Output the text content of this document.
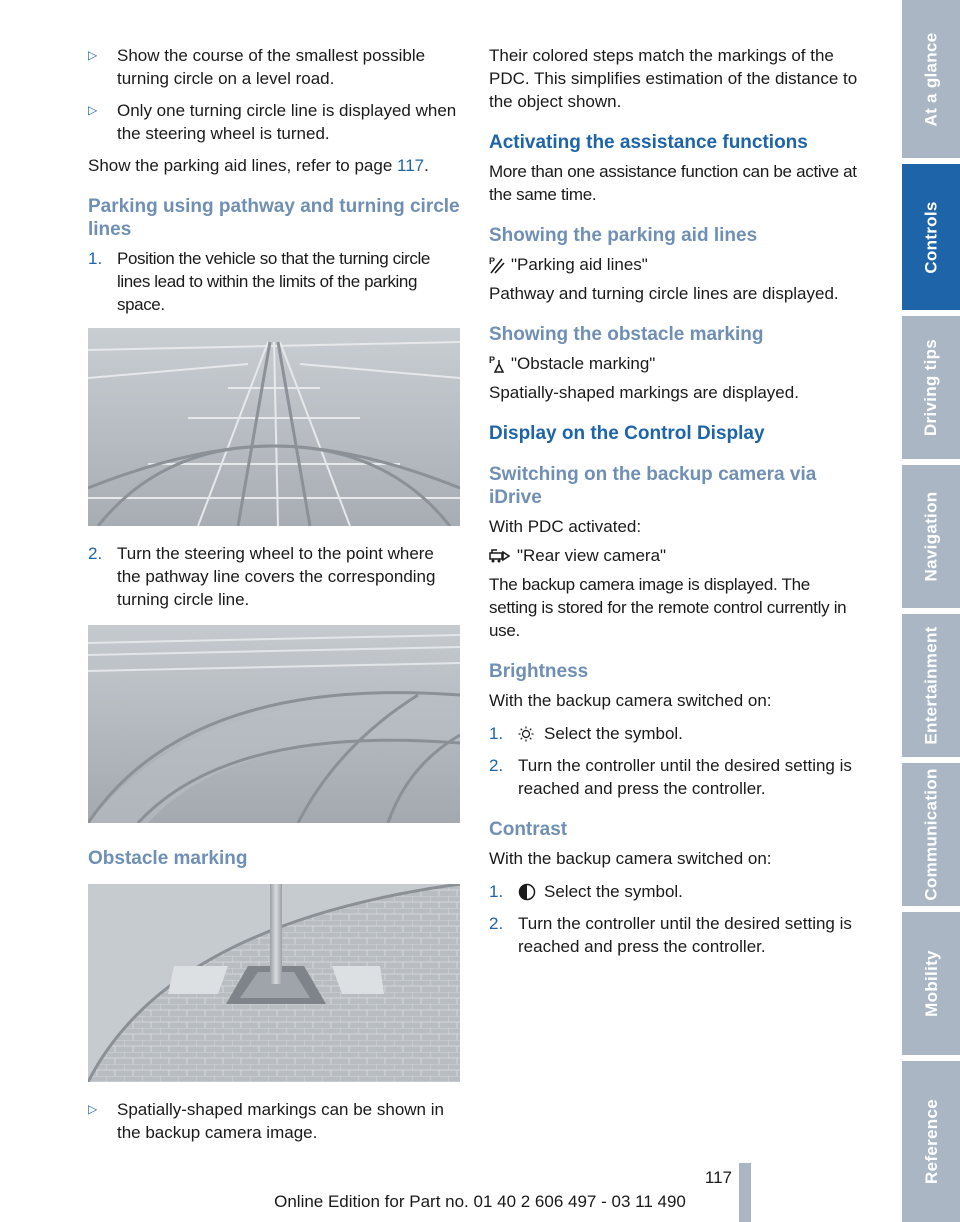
▷	Show the course of the smallest possible turning circle on a level road.
▷	Only one turning circle line is displayed when the steering wheel is turned.

Show the parking aid lines, refer to page 117.

Parking using pathway and turning circle lines
1. Position the vehicle so that the turning circle lines lead to within the limits of the parking space.
2. Turn the steering wheel to the point where the pathway line covers the corresponding turning circle line.
Obstacle marking
▷	Spatially-shaped markings can be shown in the backup camera image.

Their colored steps match the markings of the PDC. This simplifies estimation of the distance to the object shown.

Activating the assistance functions

More than one assistance function can be active at the same time.

Showing the parking aid lines
P "Parking aid lines"

Pathway and turning circle lines are displayed.

Showing the obstacle marking
P "Obstacle marking"

Spatially-shaped markings are displayed.

Display on the Control Display
Switching on the backup camera via iDrive

With PDC activated:

"Rear view camera"

The backup camera image is displayed. The setting is stored for the remote control currently in use.

Brightness

With the backup camera switched on:

1.	Select the symbol.
2. Turn the controller until the desired setting is reached and press the controller.
Contrast

With the backup camera switched on:

1.	Select the symbol.
2. Turn the controller until the desired setting is reached and press the controller.
At a glance
Controls
Driving tips
Navigation
Entertainment
Communication
Mobility
Reference
117
Online Edition for Part no. 01 40 2 606 497 - 03 11 490
